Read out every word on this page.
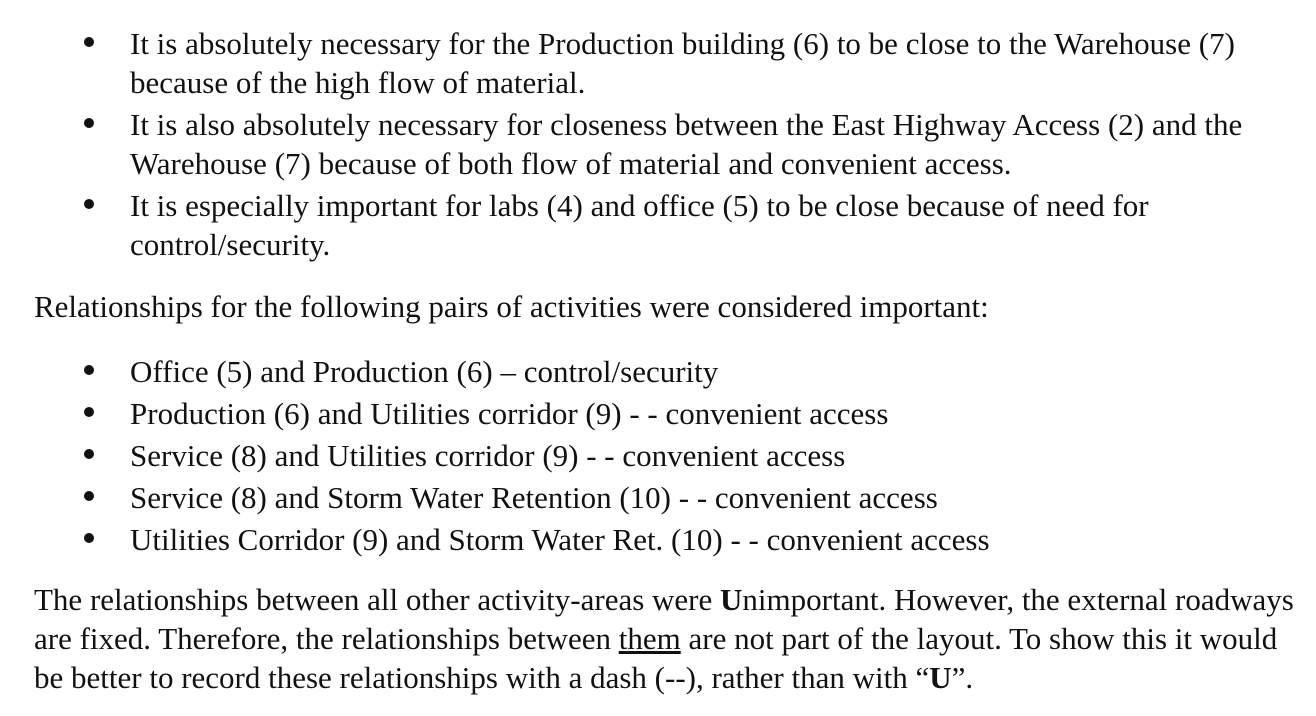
It is absolutely necessary for the Production building (6) to be close to the Warehouse (7) because of the high flow of material.
It is also absolutely necessary for closeness between the East Highway Access (2) and the Warehouse (7) because of both flow of material and convenient access.
It is especially important for labs (4) and office (5) to be close because of need for control/security.

Relationships for the following pairs of activities were considered important:

Office (5) and Production (6) – control/security
Production (6) and Utilities corridor (9) - - convenient access
Service (8) and Utilities corridor (9) - - convenient access
Service (8) and Storm Water Retention (10) - - convenient access
Utilities Corridor (9) and Storm Water Ret. (10) - - convenient access

The relationships between all other activity-areas were Unimportant. However, the external roadways are fixed. Therefore, the relationships between them are not part of the layout. To show this it would be better to record these relationships with a dash (--), rather than with “U”.
